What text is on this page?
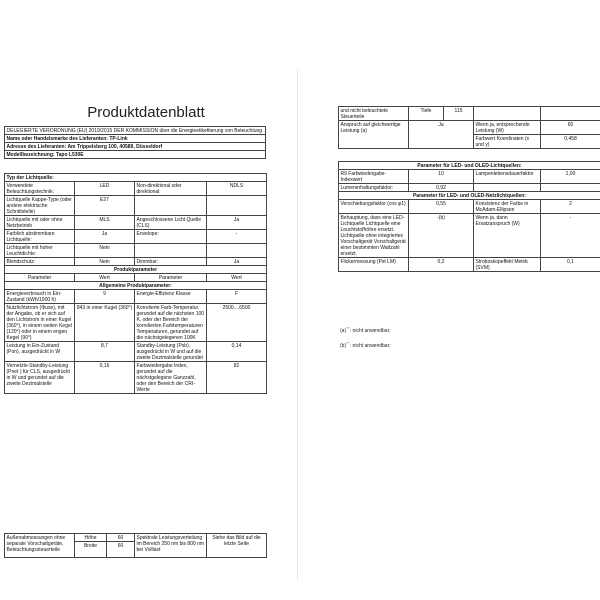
Produktdatenblatt
DELEGIERTE VERORDNUNG (EU) 2019/2015 DER KOMMISSION über die Energieetikettierung von Beleuchtung
Name oder Handelsmarke des Lieferanten: TP-Link
Adresse des Lieferanten: Am Trippelsberg 100, 40589, Düsseldorf
Modellbezeichnung: Tapo L530E
Typ der Lichtquelle:			
Verwendete Beleuchtungstechnik:	LED	Non-direktional oder direktional:	NDLS
Lichtquelle Kappe-Type (oder andere elektrische Schnittstelle)	E27		
Lichtquelle mit oder ohne Netzbetrieb	MLS	Angeschlossene Licht Quelle (CLS)	Ja
Farblich abstimmbare Lichtquelle:	Ja	Envelope:	-
Lichtquelle mit hoher Leuchtdichte:	Nein		
Blendschutz:	Nein	Dimmbar:	Ja
Produktparameter			
Parameter	Wert	Parameter	Wert
Allgemeine Produktparameter:			
Energieverbrauch in Ein-Zustand (kWh/1000 h)	9	Energie-Effizienz Klasse	F
Nutzlichtstrom (Φuse), mit der Angabe, ob er sich auf den Lichtstrom in einer Kugel (360°), in einem weiten Kegel (120°) oder in einem engen Kegel (90°)	843 in einer Kugel (360°)	Korrelierte Farb-Temperatur, gerundet auf die nächsten 100 K, oder der Bereich der korrelierten Farbtemperaturen Temperaturen, gerundet auf die nächstgelegenen 100K	2500....6500
Leistung in Ein-Zustand (Pon), ausgedrückt in W	8,7	Standby-Leistung (Psb), ausgedrückt in W und auf die zweite Dezimalstelle gerundet	0,14
Vernetzte-Standby-Leistung (Pnet ) für CLS, ausgedrückt in W und gerundet auf die zweite Dezimalstelle	0,16	Farbwiedergabe Index, gerundet auf die nächstgelegene Ganzzahl, oder den Bereich der CRI-Werte	82
Außenabmessungen ohne separate Vorschaltgeräte, Beleuchtungssteuerteile	Höhe	60	Spektrale Leistungsverteilung im Bereich 250 nm bis 800 nm bei Volllast	Siehe das Bild auf die letzte Seite
	Breite	60		
und nicht beleuchtete Steuerteile	Tiefe	115		
Anspruch auf gleichwertige Leistung (a)	Ja		Wenn ja, entsprechende Leistung (W)	60
			Farbwert Koordinaten (x und y)	0,458
Parameter für LED- und OLED-Lichtquellen:			
R9 Farbwiedergabe-Indexwert	10	Lampenlebensdauerfaktor	1,00
Lumenerhaltungsfaktor:	0,92		
Parameter für LED- und OLED-Netzlichtquellen:			
Verschiebungsfaktor (cos φ1)	0,55	Konsistenz der Farbe in McAdam-Ellipsen	2
Behauptung, dass eine LED-Lichtquelle Lichtquelle eine Leuchtstoffröhre ersetzt. Lichtquelle ohne integriertes Vorschaltgerät Vorschaltgerät einer bestimmten Wattzahl ersetzt.	-(b)	Wenn ja, dann Ersatzanspruch (W)	-
Flickermessung (Pst LM)	0,2	Stroboskopeffekt Metrik (SVM)	0,1
(a)"-": nicht anwendbar;
(b)"-": nicht anwendbar;
